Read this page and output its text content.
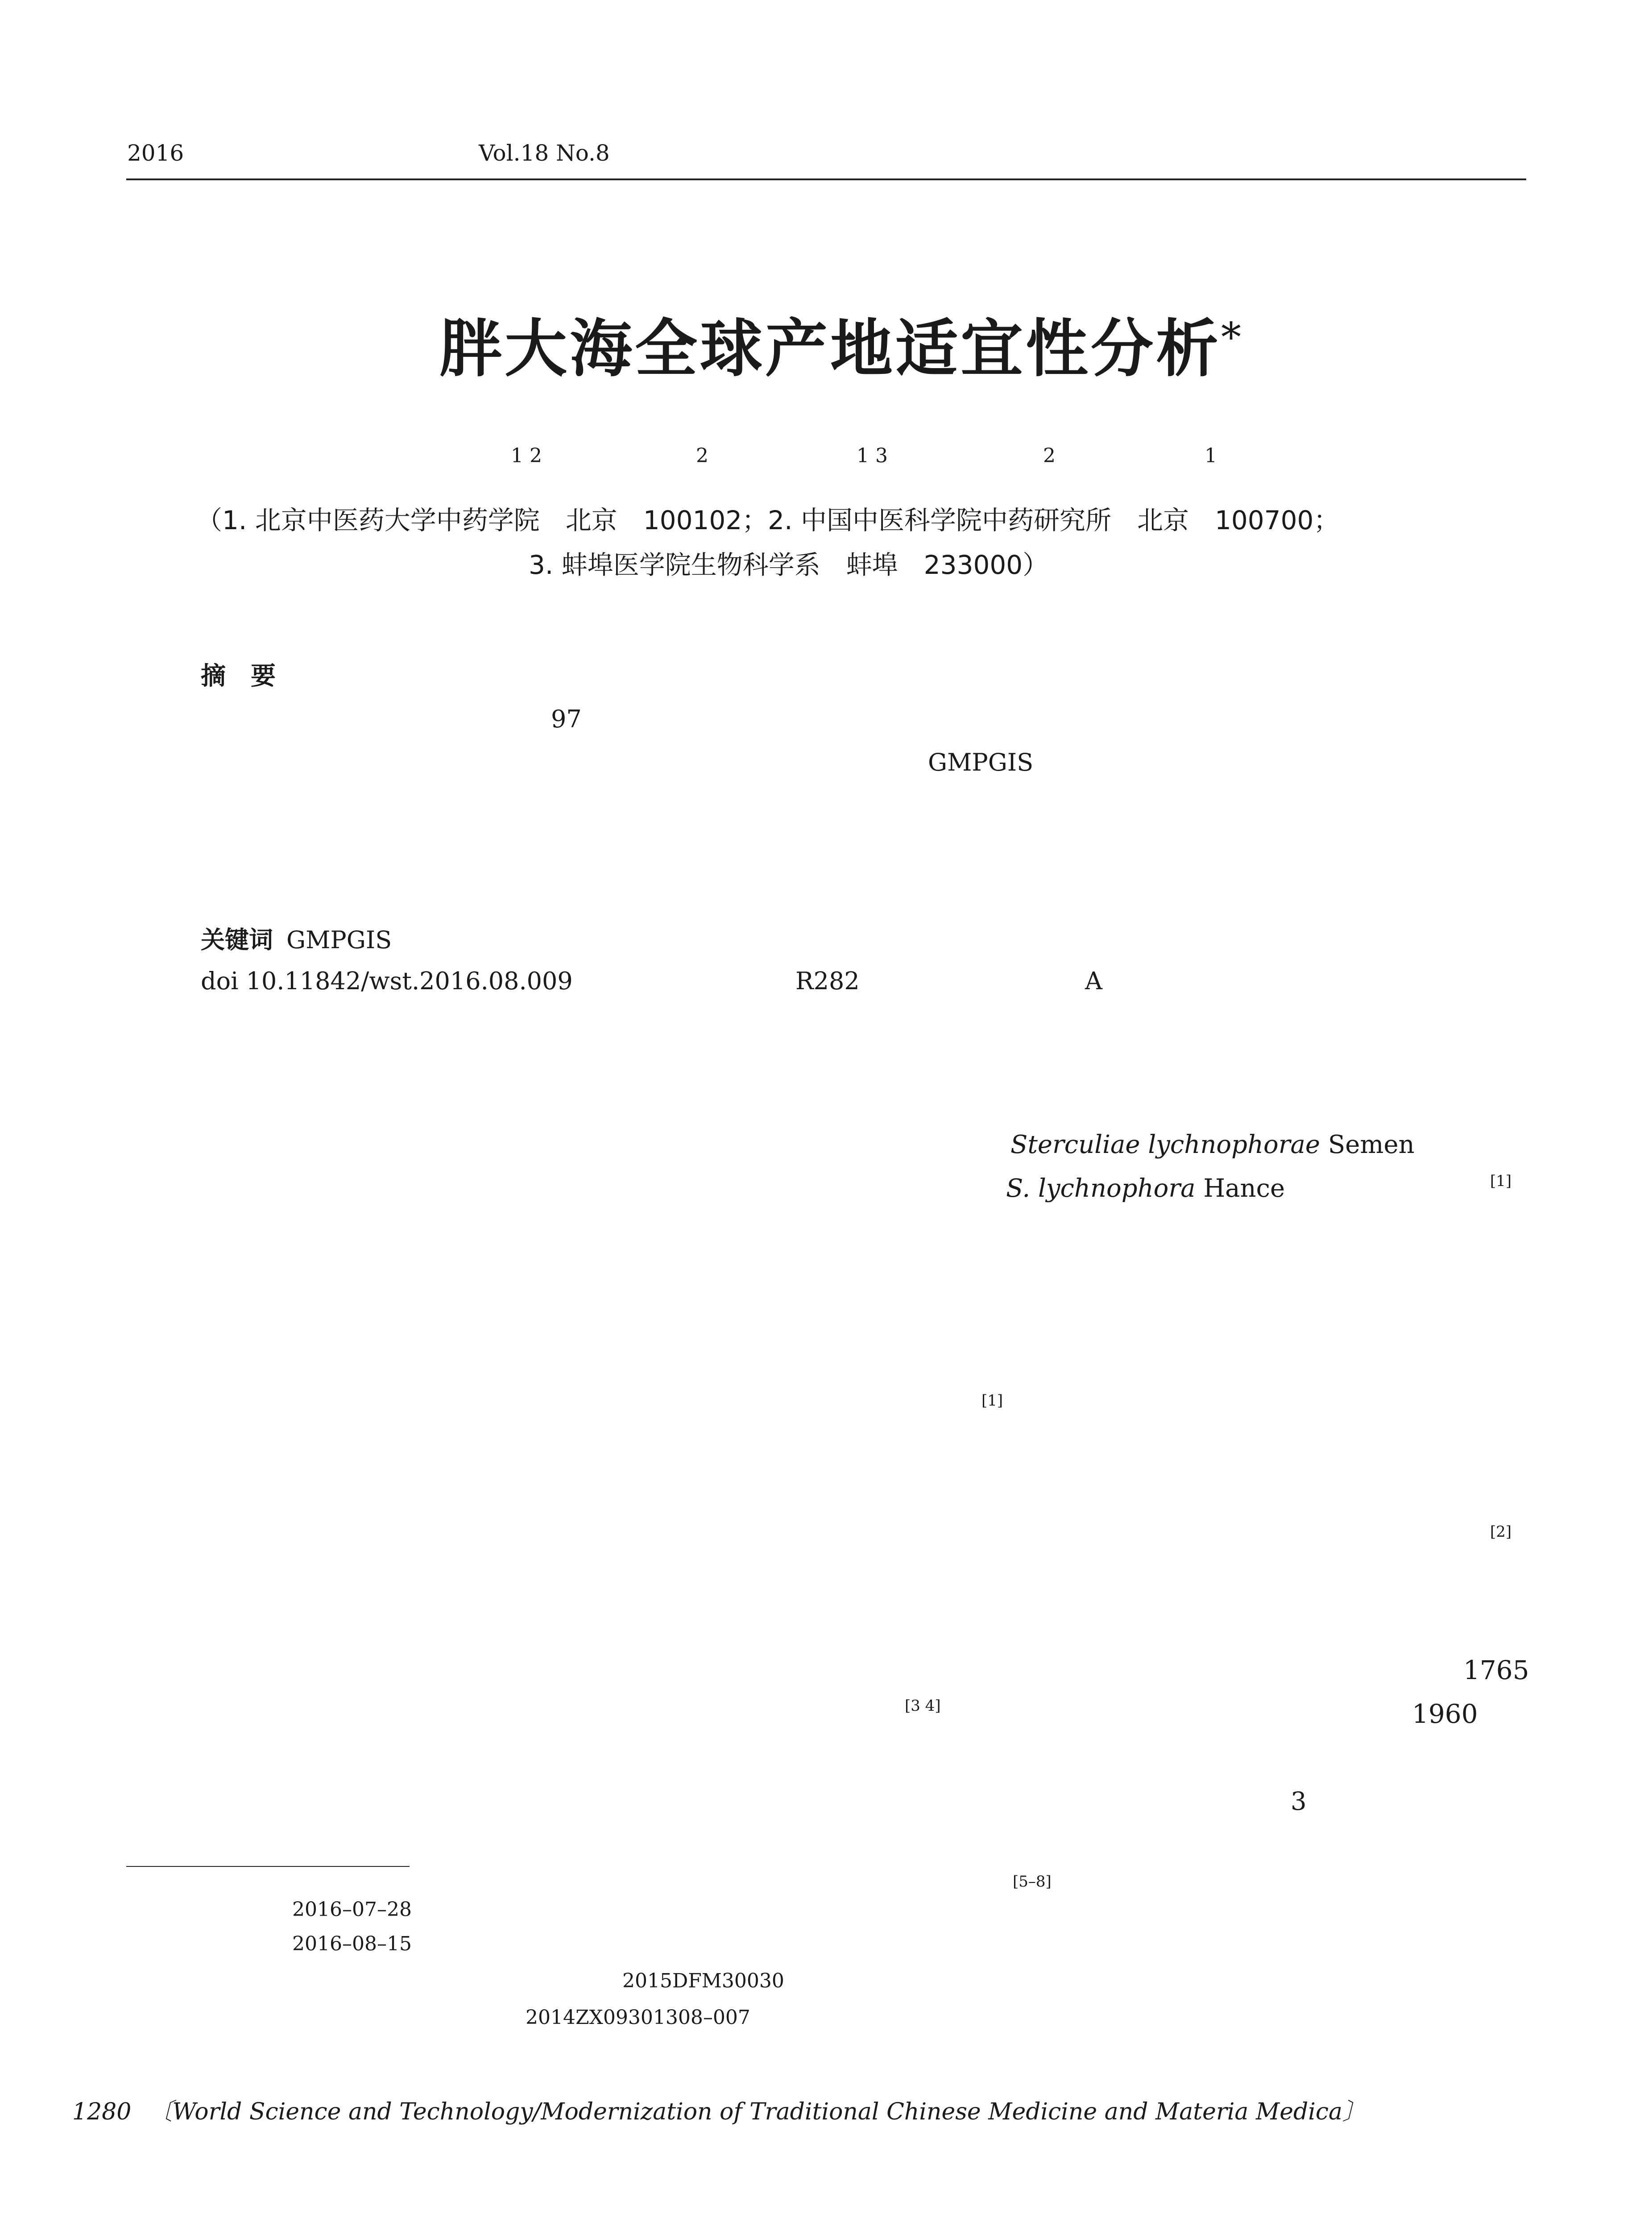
2016	Vol.18 No.8
胖大海全球产地适宜性分析*
1 2	2	1 3	2	1
（1. 北京中医药大学中药学院　北京　100102；2. 中国中医科学院中药研究所　北京　100700；
3. 蚌埠医学院生物科学系　蚌埠　233000）
摘　要
97
GMPGIS
关键词 GMPGIS
doi 10.11842/wst.2016.08.009	R282	A
Sterculiae lychnophorae Semen
S. lychnophora Hance	[1]
[1]
[2]
1765
[3 4]	1960
3
[5–8]
2016–07–28
2016–08–15
2015DFM30030
2014ZX09301308–007
1280 〔World Science and Technology/Modernization of Traditional Chinese Medicine and Materia Medica〕
